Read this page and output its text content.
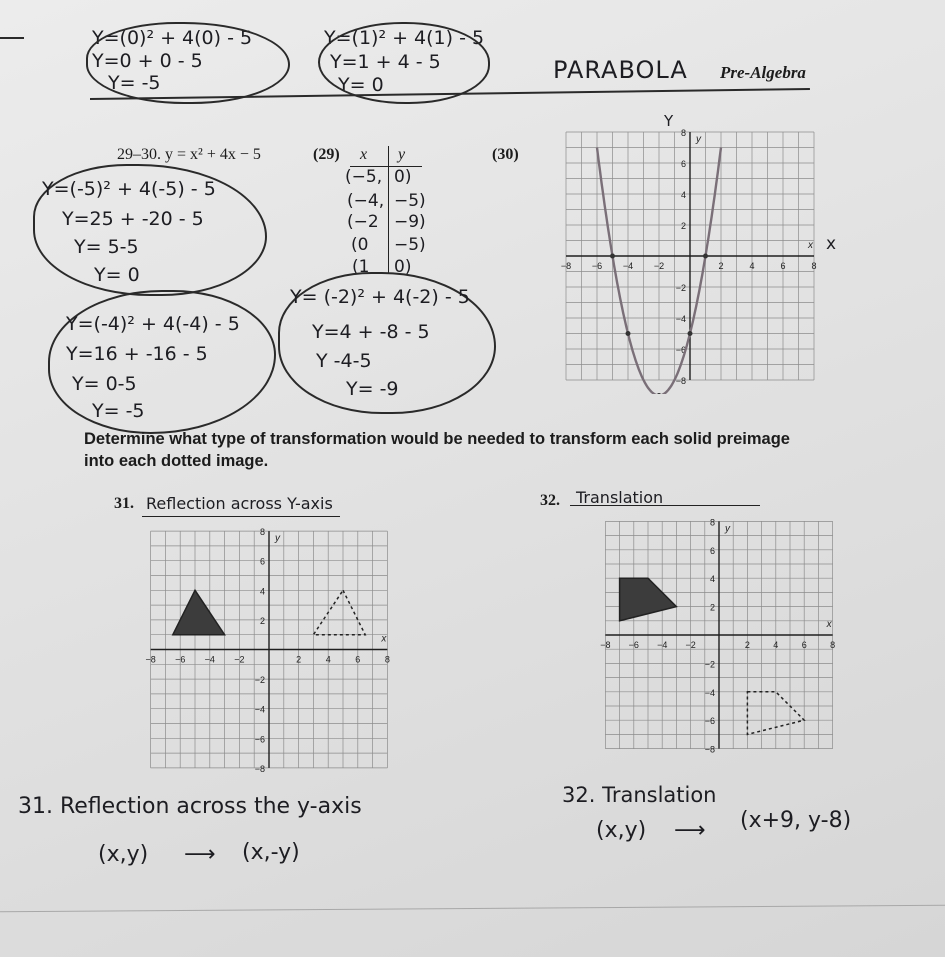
Y=(0)² + 4(0) - 5
Y=0 + 0 - 5
Y= -5
Y=(1)² + 4(1) - 5
Y=1 + 4 - 5
Y= 0
PARABOLA Pre-Algebra
29–30. y = x² + 4x − 5	(29)	(30)
x y
(−5, 0)
(−4, −5)
(−2 −9)
(0 −5)
(1 0)
Y=(-5)² + 4(-5) - 5
Y=25 + -20 - 5
Y= 5-5
Y= 0
Y=(-4)² + 4(-4) - 5
Y=16 + -16 - 5
Y= 0-5
Y= -5
Y= (-2)² + 4(-2) - 5
Y=4 + -8 - 5
Y -4-5
Y= -9
−8 −6 −4 −2	2	4	6	8
8
6
4
2
−2
−4
−6
−8
x
y
Y
x
Determine what type of transformation would be needed to transform each solid preimage into each dotted image.
31. Reflection across Y-axis
−8 −6 −4 −2	2	4	6	8
8
6
4
2
−2
−4
−6
−8
x
y
32. Translation
−8 −6 −4 −2	2	4	6	8
8
6
4
2
−2
−4
−6
−8
x
y
31. Reflection across the y-axis
(x,y) ⟶ (x,-y)
32. Translation
(x,y) ⟶ (x+9, y-8)
